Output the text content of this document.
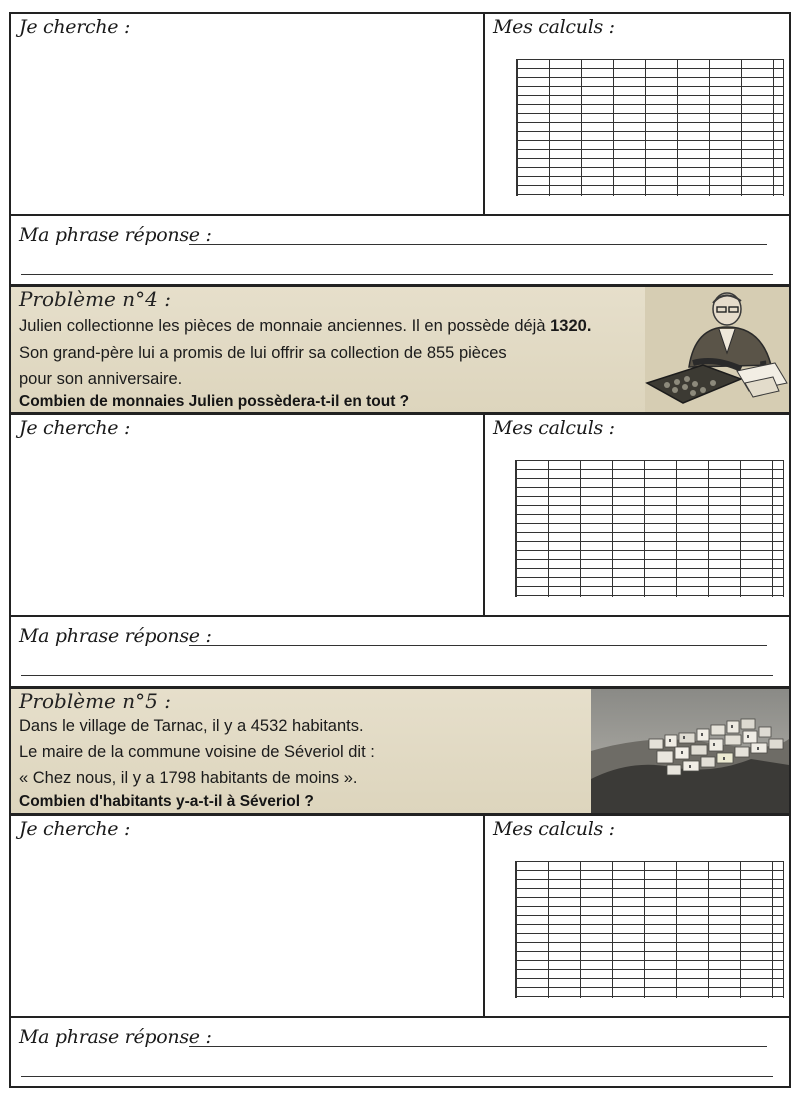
Je cherche :	Mes calculs :
Ma phrase réponse :
Problème n°4 :
Julien collectionne les pièces de monnaie anciennes. Il en possède déjà 1320.
Son grand-père lui a promis de lui offrir sa collection de 855 pièces
pour son anniversaire.
Combien de monnaies Julien possèdera-t-il en tout ?
Je cherche :	Mes calculs :
Ma phrase réponse :
Problème n°5 :
Dans le village de Tarnac, il y a 4532 habitants.
Le maire de la commune voisine de Séveriol dit :
« Chez nous, il y a 1798 habitants de moins ».
Combien d'habitants y-a-t-il à Séveriol ?
Je cherche :	Mes calculs :
Ma phrase réponse :
